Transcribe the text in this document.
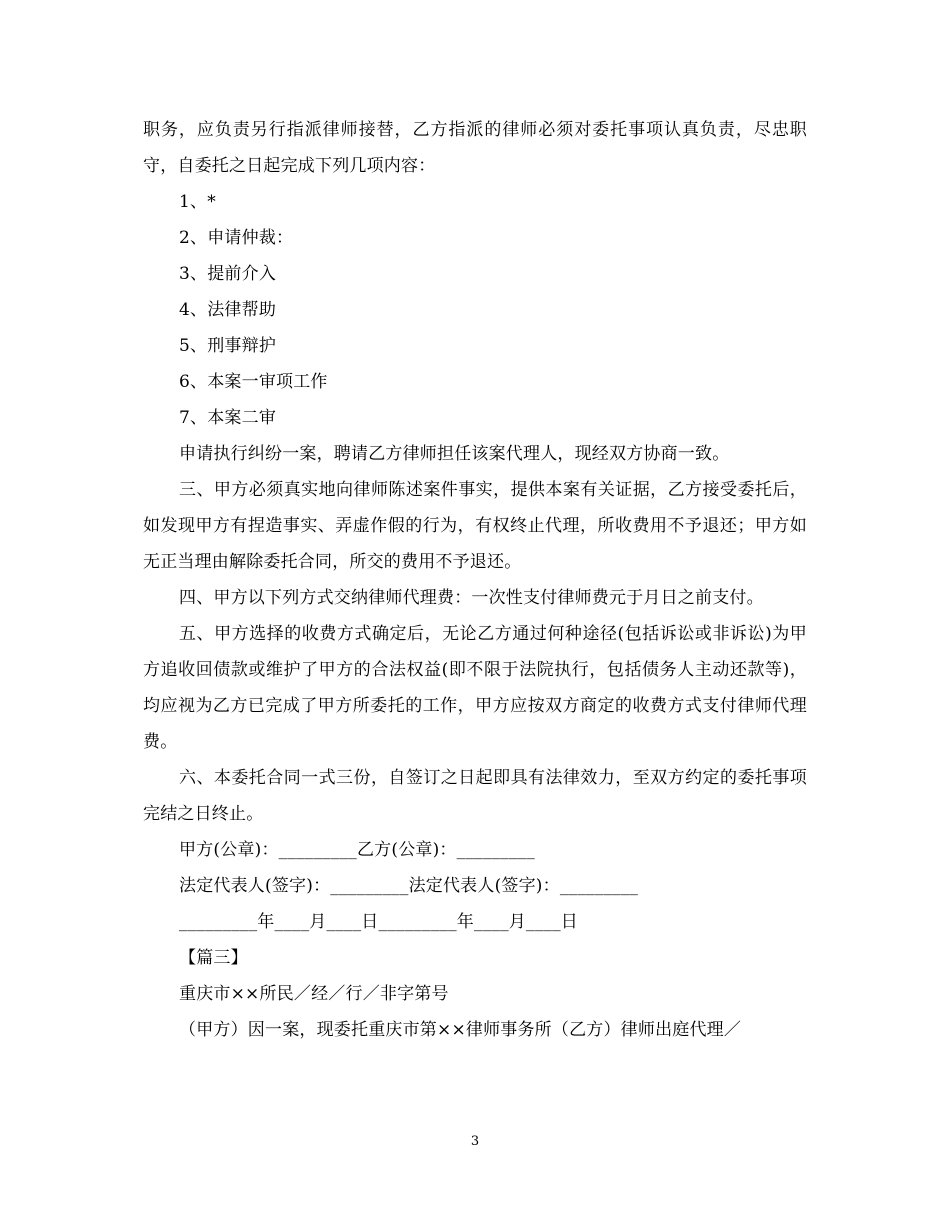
职务，应负责另行指派律师接替，乙方指派的律师必须对委托事项认真负责，尽忠职守，自委托之日起完成下列几项内容：

1、*

2、申请仲裁：

3、提前介入

4、法律帮助

5、刑事辩护

6、本案一审项工作

7、本案二审

申请执行纠纷一案，聘请乙方律师担任该案代理人，现经双方协商一致。

三、甲方必须真实地向律师陈述案件事实，提供本案有关证据，乙方接受委托后，如发现甲方有捏造事实、弄虚作假的行为，有权终止代理，所收费用不予退还；甲方如无正当理由解除委托合同，所交的费用不予退还。

四、甲方以下列方式交纳律师代理费：一次性支付律师费元于月日之前支付。

五、甲方选择的收费方式确定后，无论乙方通过何种途径(包括诉讼或非诉讼)为甲方追收回债款或维护了甲方的合法权益(即不限于法院执行，包括债务人主动还款等)，均应视为乙方已完成了甲方所委托的工作，甲方应按双方商定的收费方式支付律师代理费。

六、本委托合同一式三份，自签订之日起即具有法律效力，至双方约定的委托事项完结之日终止。

甲方(公章)：_________乙方(公章)：_________

法定代表人(签字)：_________法定代表人(签字)：_________

_________年____月____日_________年____月____日

【篇三】

重庆市××所民／经／行／非字第号

（甲方）因一案，现委托重庆市第××律师事务所（乙方）律师出庭代理／

3
